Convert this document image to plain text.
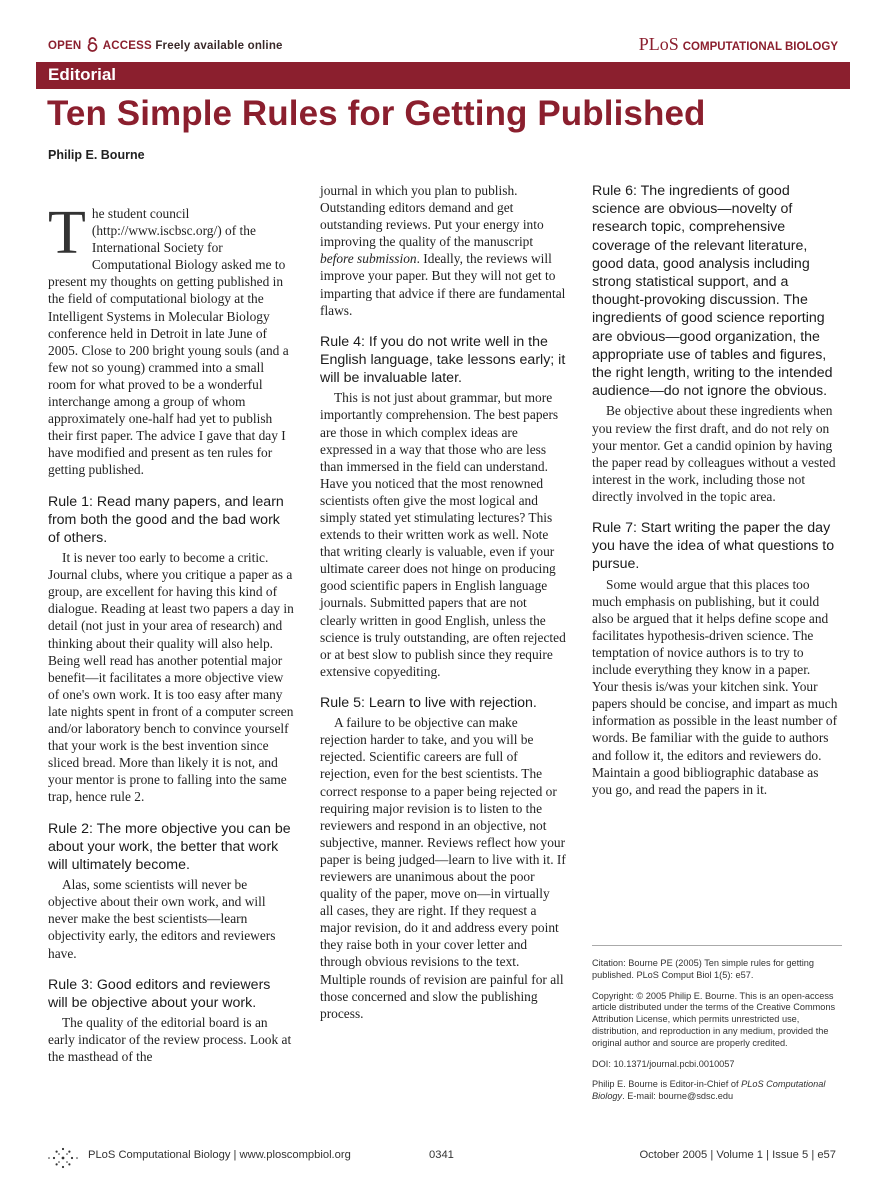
OPEN ACCESS Freely available online	PLoS COMPUTATIONAL BIOLOGY
Editorial
Ten Simple Rules for Getting Published
Philip E. Bourne

The student council (http://www.iscbsc.org/) of the International Society for Computational Biology asked me to present my thoughts on getting published in the field of computational biology at the Intelligent Systems in Molecular Biology conference held in Detroit in late June of 2005. Close to 200 bright young souls (and a few not so young) crammed into a small room for what proved to be a wonderful interchange among a group of whom approximately one-half had yet to publish their first paper. The advice I gave that day I have modified and present as ten rules for getting published.

Rule 1: Read many papers, and learn from both the good and the bad work of others.

It is never too early to become a critic. Journal clubs, where you critique a paper as a group, are excellent for having this kind of dialogue. Reading at least two papers a day in detail (not just in your area of research) and thinking about their quality will also help. Being well read has another potential major benefit—it facilitates a more objective view of one's own work. It is too easy after many late nights spent in front of a computer screen and/or laboratory bench to convince yourself that your work is the best invention since sliced bread. More than likely it is not, and your mentor is prone to falling into the same trap, hence rule 2.

Rule 2: The more objective you can be about your work, the better that work will ultimately become.

Alas, some scientists will never be objective about their own work, and will never make the best scientists—learn objectivity early, the editors and reviewers have.

Rule 3: Good editors and reviewers will be objective about your work.

The quality of the editorial board is an early indicator of the review process. Look at the masthead of the

journal in which you plan to publish. Outstanding editors demand and get outstanding reviews. Put your energy into improving the quality of the manuscript before submission. Ideally, the reviews will improve your paper. But they will not get to imparting that advice if there are fundamental flaws.

Rule 4: If you do not write well in the English language, take lessons early; it will be invaluable later.

This is not just about grammar, but more importantly comprehension. The best papers are those in which complex ideas are expressed in a way that those who are less than immersed in the field can understand. Have you noticed that the most renowned scientists often give the most logical and simply stated yet stimulating lectures? This extends to their written work as well. Note that writing clearly is valuable, even if your ultimate career does not hinge on producing good scientific papers in English language journals. Submitted papers that are not clearly written in good English, unless the science is truly outstanding, are often rejected or at best slow to publish since they require extensive copyediting.

Rule 5: Learn to live with rejection.

A failure to be objective can make rejection harder to take, and you will be rejected. Scientific careers are full of rejection, even for the best scientists. The correct response to a paper being rejected or requiring major revision is to listen to the reviewers and respond in an objective, not subjective, manner. Reviews reflect how your paper is being judged—learn to live with it. If reviewers are unanimous about the poor quality of the paper, move on—in virtually all cases, they are right. If they request a major revision, do it and address every point they raise both in your cover letter and through obvious revisions to the text. Multiple rounds of revision are painful for all those concerned and slow the publishing process.

Rule 6: The ingredients of good science are obvious—novelty of research topic, comprehensive coverage of the relevant literature, good data, good analysis including strong statistical support, and a thought-provoking discussion. The ingredients of good science reporting are obvious—good organization, the appropriate use of tables and figures, the right length, writing to the intended audience—do not ignore the obvious.

Be objective about these ingredients when you review the first draft, and do not rely on your mentor. Get a candid opinion by having the paper read by colleagues without a vested interest in the work, including those not directly involved in the topic area.

Rule 7: Start writing the paper the day you have the idea of what questions to pursue.

Some would argue that this places too much emphasis on publishing, but it could also be argued that it helps define scope and facilitates hypothesis-driven science. The temptation of novice authors is to try to include everything they know in a paper. Your thesis is/was your kitchen sink. Your papers should be concise, and impart as much information as possible in the least number of words. Be familiar with the guide to authors and follow it, the editors and reviewers do. Maintain a good bibliographic database as you go, and read the papers in it.

Citation: Bourne PE (2005) Ten simple rules for getting published. PLoS Comput Biol 1(5): e57.

Copyright: © 2005 Philip E. Bourne. This is an open-access article distributed under the terms of the Creative Commons Attribution License, which permits unrestricted use, distribution, and reproduction in any medium, provided the original author and source are properly credited.

DOI: 10.1371/journal.pcbi.0010057

Philip E. Bourne is Editor-in-Chief of PLoS Computational Biology. E-mail: bourne@sdsc.edu

PLoS Computational Biology | www.ploscompbiol.org	0341	October 2005 | Volume 1 | Issue 5 | e57
